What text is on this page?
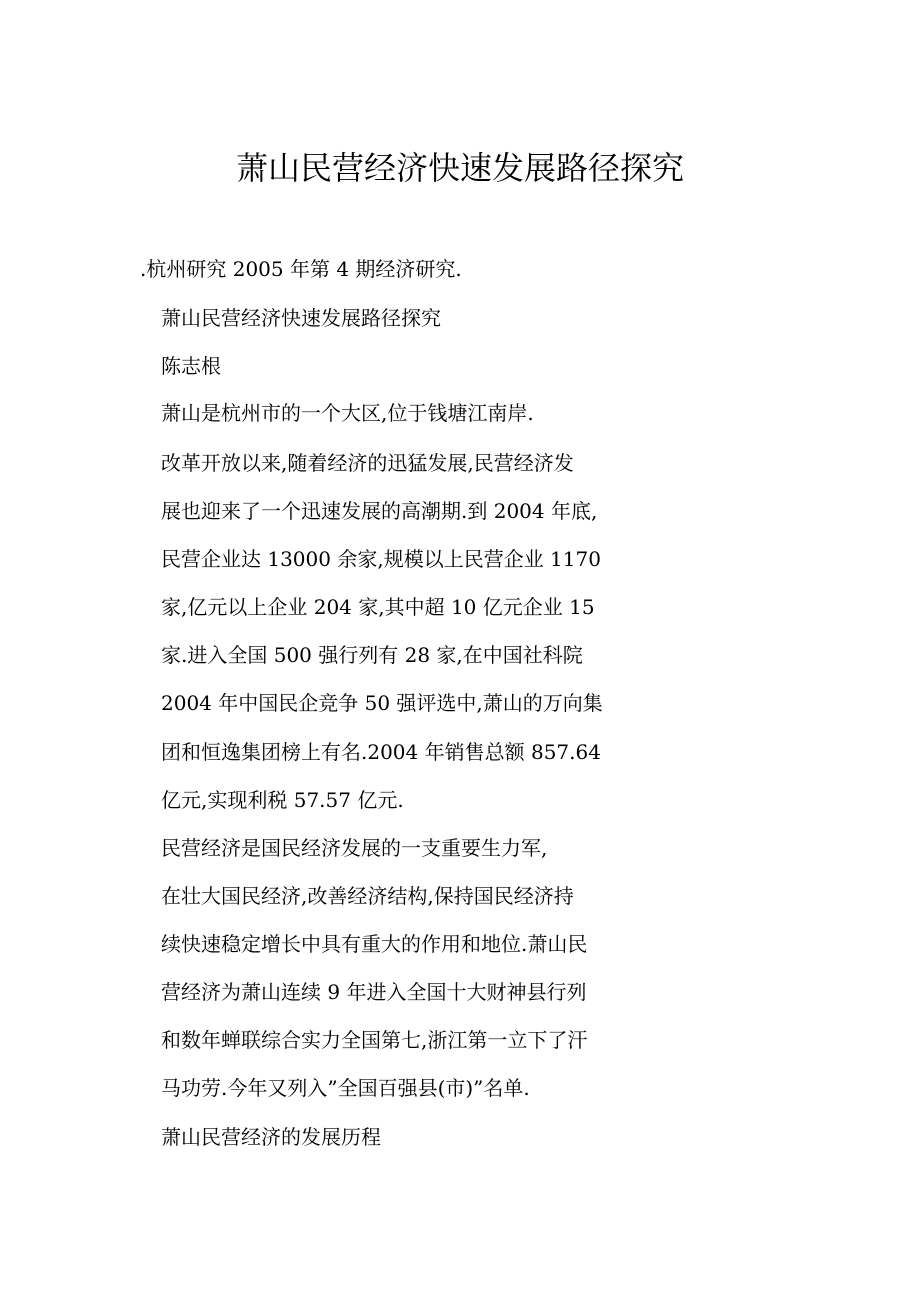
萧山民营经济快速发展路径探究

.杭州研究 2005 年第 4 期经济研究.

萧山民营经济快速发展路径探究

陈志根

萧山是杭州市的一个大区,位于钱塘江南岸.

改革开放以来,随着经济的迅猛发展,民营经济发

展也迎来了一个迅速发展的高潮期.到 2004 年底,

民营企业达 13000 余家,规模以上民营企业 1170

家,亿元以上企业 204 家,其中超 10 亿元企业 15

家.进入全国 500 强行列有 28 家,在中国社科院

2004 年中国民企竞争 50 强评选中,萧山的万向集

团和恒逸集团榜上有名.2004 年销售总额 857.64

亿元,实现利税 57.57 亿元.

民营经济是国民经济发展的一支重要生力军,

在壮大国民经济,改善经济结构,保持国民经济持

续快速稳定增长中具有重大的作用和地位.萧山民

营经济为萧山连续 9 年进入全国十大财神县行列

和数年蝉联综合实力全国第七,浙江第一立下了汗

马功劳.今年又列入”全国百强县(市)”名单.

萧山民营经济的发展历程
